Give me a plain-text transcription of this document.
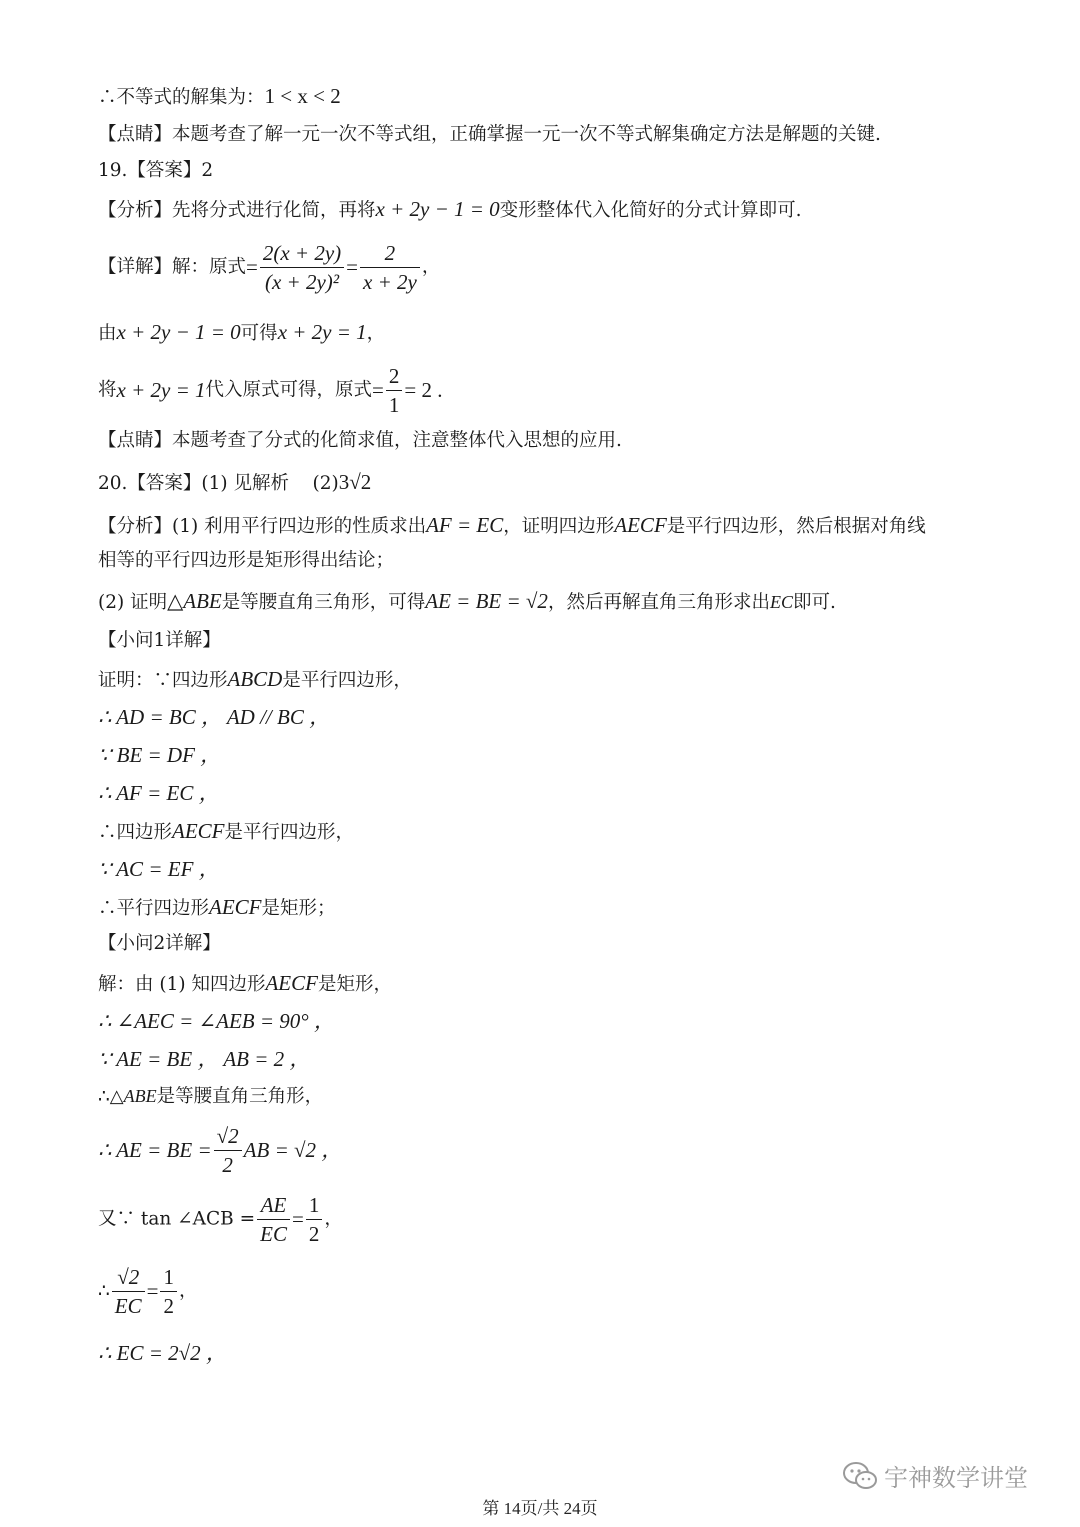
∴不等式的解集为：1 < x < 2
【点睛】本题考查了解一元一次不等式组，正确掌握一元一次不等式解集确定方法是解题的关键.
19.【答案】2
【分析】先将分式进行化简，再将x + 2y − 1 = 0变形整体代入化简好的分式计算即可.
【详解】解：原式= $\frac{2(x + 2y)}{\text{(x + 2y)²}} = \frac{2}{x + 2y}$ ，
由x + 2y − 1 = 0可得x + 2y = 1，
将x + 2y = 1代入原式可得，原式= $\frac{2}{1} = 2$ .
【点睛】本题考查了分式的化简求值，注意整体代入思想的应用.
20.【答案】(1) 见解析    (2)3√2
【分析】(1) 利用平行四边形的性质求出AF = EC，证明四边形AECF是平行四边形，然后根据对角线
相等的平行四边形是矩形得出结论；
(2) 证明△ABE是等腰直角三角形，可得AE = BE = √2，然后再解直角三角形求出EC即可.
【小问1详解】
证明：∵四边形ABCD是平行四边形，
∴ AD = BC ， AD // BC ，
∵ BE = DF ，
∴ AF = EC ，
∴四边形AECF是平行四边形，
∵ AC = EF ，
∴平行四边形AECF是矩形；
【小问2详解】
解：由 (1) 知四边形AECF是矩形，
∴ ∠AEC = ∠AEB = 90° ，
∵ AE = BE ， AB = 2 ，
∴△ABE是等腰直角三角形，
∴ AE = BE = $\frac{√2}{2}$ AB = √2 ，
又∵ tan ∠ACB = $\frac{AE}{EC} = \frac{1}{2}$ ，
∴ $\frac{√2}{EC} = \frac{1}{2}$ ，
∴ EC = 2√2 ，
宇神数学讲堂
第 14页/共 24页
